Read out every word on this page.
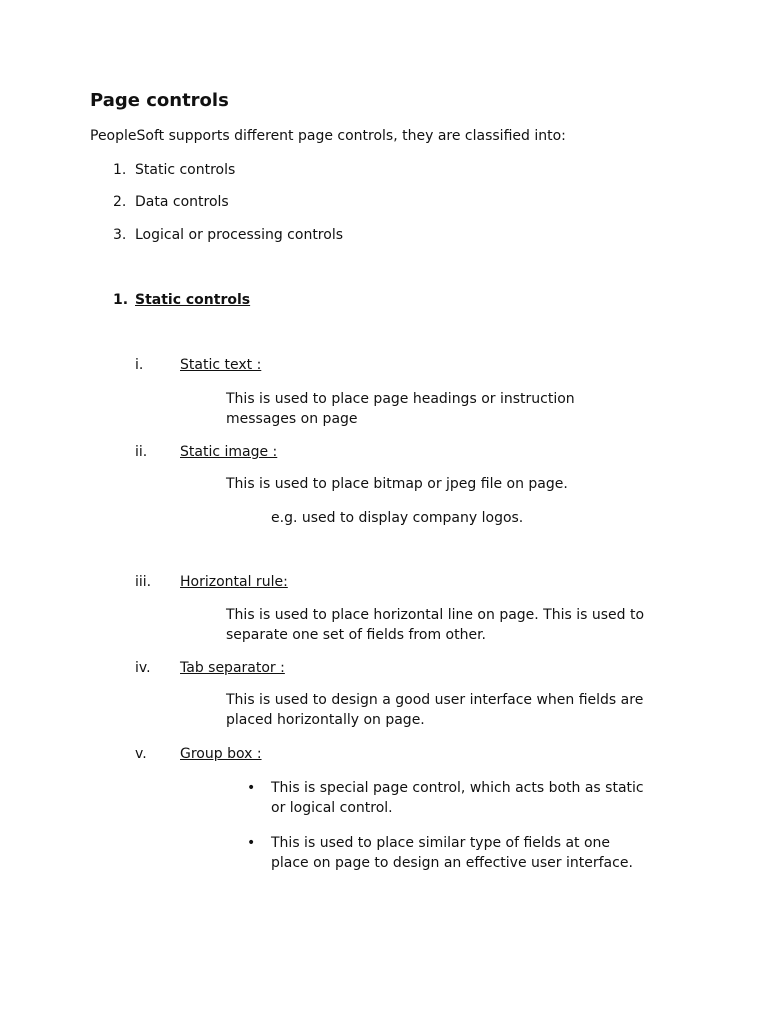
Page controls
PeopleSoft supports different page controls, they are classified into:
1. Static controls
2. Data controls
3. Logical or processing controls
1. Static controls
i.	Static text :
This is used to place page headings or instruction
messages on page
ii. Static image :
This is used to place bitmap or jpeg file on page.
e.g. used to display company logos.
iii. Horizontal rule:
This is used to place horizontal line on page. This is used to
separate one set of fields from other.
iv. Tab separator :
This is used to design a good user interface when fields are
placed horizontally on page.
v. Group box :
• This is special page control, which acts both as static
or logical control.
• This is used to place similar type of fields at one
place on page to design an effective user interface.
